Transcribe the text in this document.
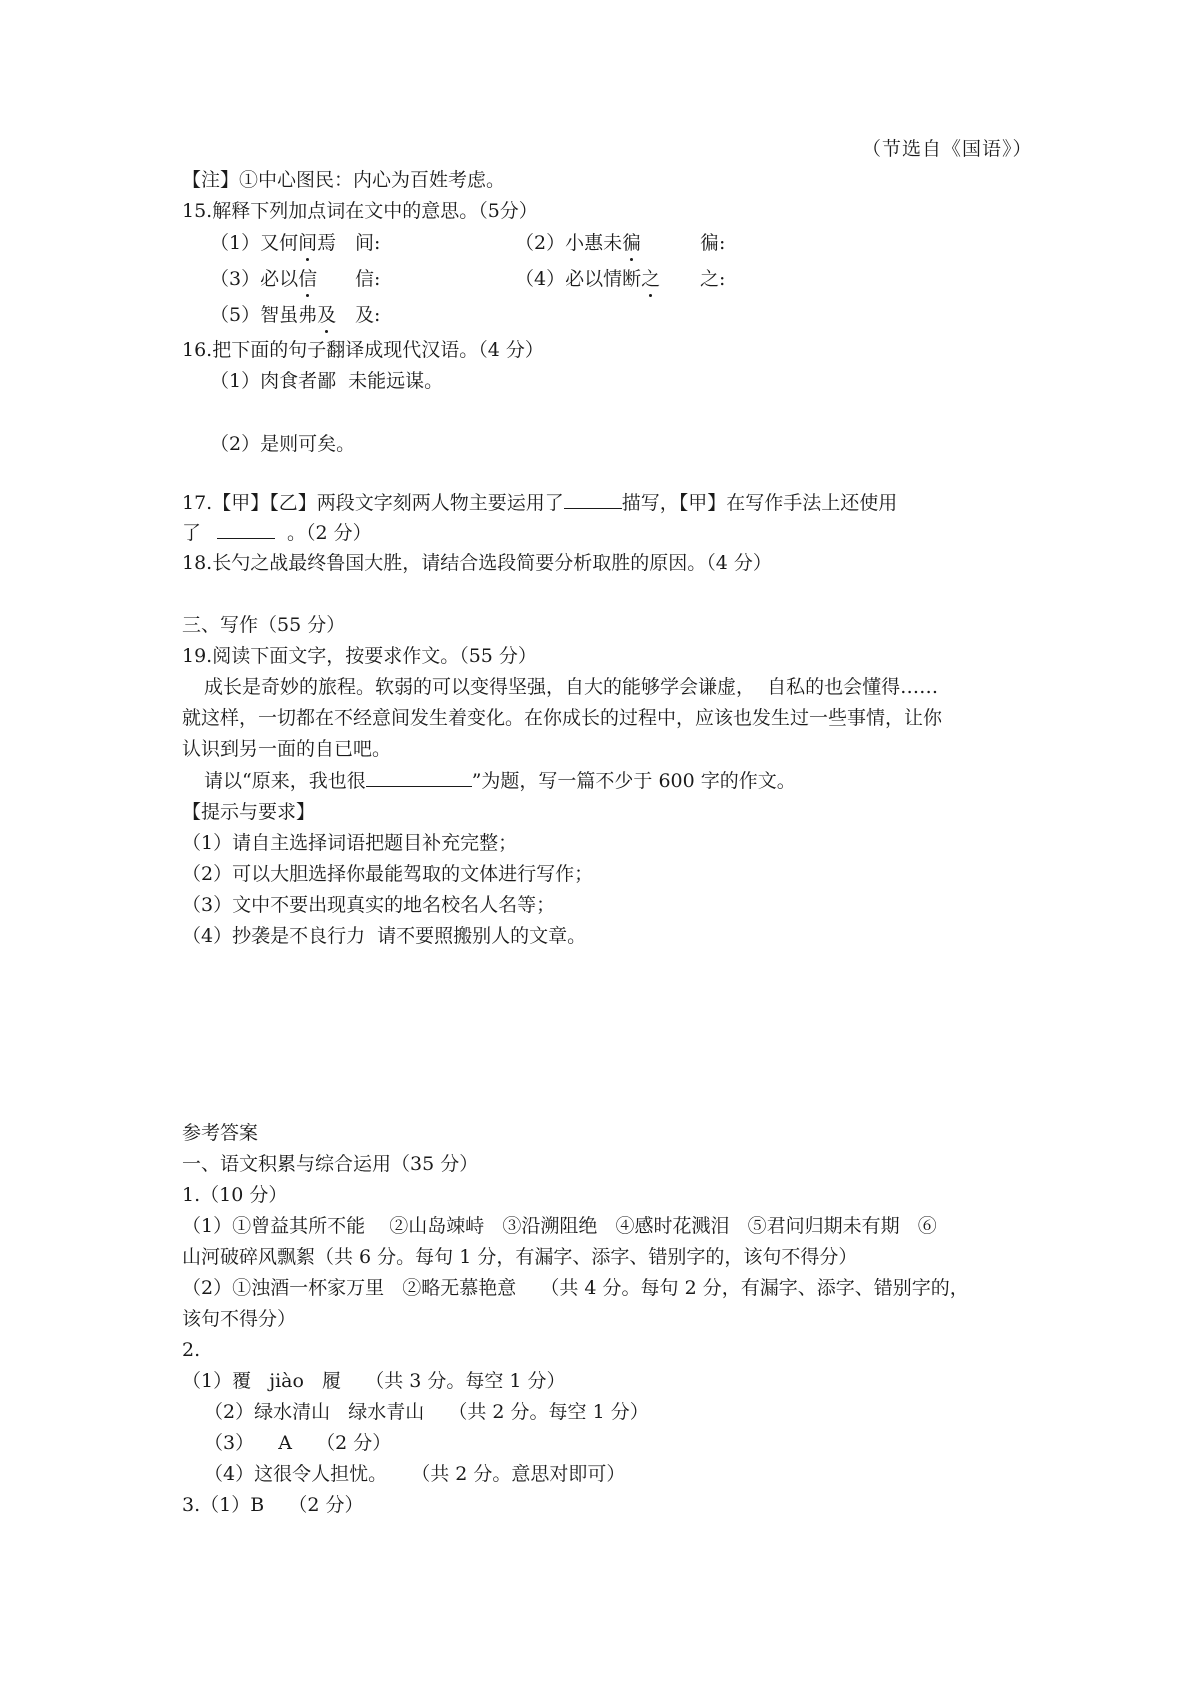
（节选自《国语》）
【注】①中心图民：内心为百姓考虑。
15.解释下列加点词在文中的意思。（5分）
（1）又何间焉 间:	（2）小惠未徧	徧:
（3）必以信 信:	（4）必以情断之 之:
（5）智虽弗及 及:
16.把下面的句子翻译成现代汉语。（4 分）
（1）肉食者鄙  未能远谋。
（2）是则可矣。
17.【甲】【乙】两段文字刻两人物主要运用了	描写，【甲】在写作手法上还使用
了	。（2 分）
18.长勺之战最终鲁国大胜，请结合选段简要分析取胜的原因。（4 分）
三、写作（55 分）
19.阅读下面文字，按要求作文。（55 分）
成长是奇妙的旅程。软弱的可以变得坚强，自大的能够学会谦虚，  自私的也会懂得……
就这样，一切都在不经意间发生着变化。在你成长的过程中，应该也发生过一些事情，让你
认识到另一面的自已吧。
请以“原来，我也很	”为题，写一篇不少于 600 字的作文。
【提示与要求】
（1）请自主选择词语把题目补充完整；
（2）可以大胆选择你最能驾取的文体进行写作；
（3）文中不要出现真实的地名校名人名等；
（4）抄袭是不良行力  请不要照搬别人的文章。
参考答案
一、语文积累与综合运用（35 分）
1.（10 分）
（1）①曾益其所不能    ②山岛竦峙   ③沿溯阻绝   ④感时花溅泪   ⑤君问归期未有期   ⑥
山河破碎风飘絮（共 6 分。每句 1 分，有漏字、添字、错别字的，该句不得分）
（2）①浊酒一杯家万里   ②略无慕艳意    （共 4 分。每句 2 分，有漏字、添字、错别字的，
该句不得分）
2.
（1）覆   jiào   履    （共 3 分。每空 1 分）
（2）绿水清山   绿水青山    （共 2 分。每空 1 分）
（3）    A    （2 分）
（4）这很令人担忧。    （共 2 分。意思对即可）
3.（1）B    （2 分）
